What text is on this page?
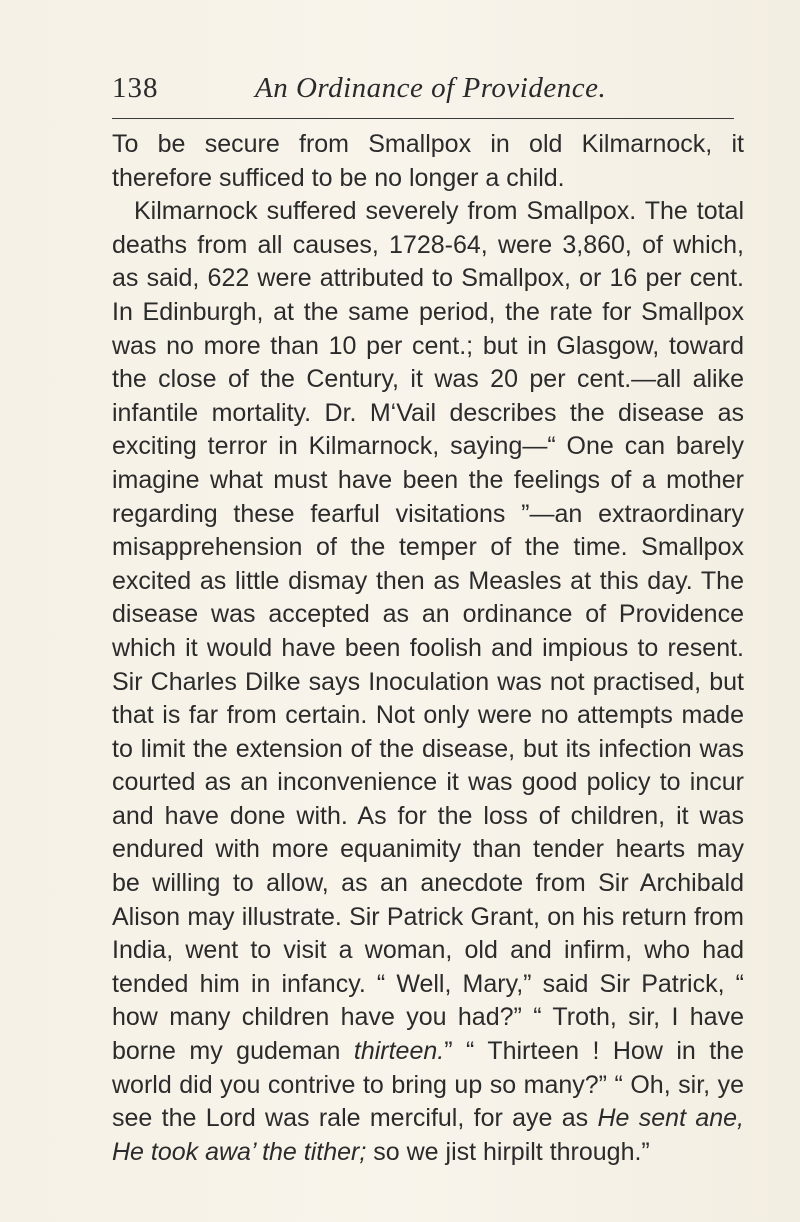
138	An Ordinance of Providence.

To be secure from Smallpox in old Kilmarnock, it therefore sufficed to be no longer a child.

Kilmarnock suffered severely from Smallpox. The total deaths from all causes, 1728-64, were 3,860, of which, as said, 622 were attributed to Smallpox, or 16 per cent. In Edinburgh, at the same period, the rate for Smallpox was no more than 10 per cent.; but in Glasgow, toward the close of the Century, it was 20 per cent.—all alike infantile mortality. Dr. M‘Vail describes the disease as exciting terror in Kilmarnock, saying—“ One can barely imagine what must have been the feelings of a mother regarding these fearful visitations ”—an extraordinary misapprehension of the temper of the time. Smallpox excited as little dismay then as Measles at this day. The disease was accepted as an ordinance of Providence which it would have been foolish and impious to resent. Sir Charles Dilke says Inoculation was not practised, but that is far from certain. Not only were no attempts made to limit the extension of the disease, but its infection was courted as an inconvenience it was good policy to incur and have done with. As for the loss of children, it was endured with more equanimity than tender hearts may be willing to allow, as an anecdote from Sir Archibald Alison may illustrate. Sir Patrick Grant, on his return from India, went to visit a woman, old and infirm, who had tended him in infancy. “ Well, Mary,” said Sir Patrick, “ how many children have you had?” “ Troth, sir, I have borne my gudeman thirteen.” “ Thirteen ! How in the world did you contrive to bring up so many?” “ Oh, sir, ye see the Lord was rale merciful, for aye as He sent ane, He took awa’ the tither; so we jist hirpilt through.”
